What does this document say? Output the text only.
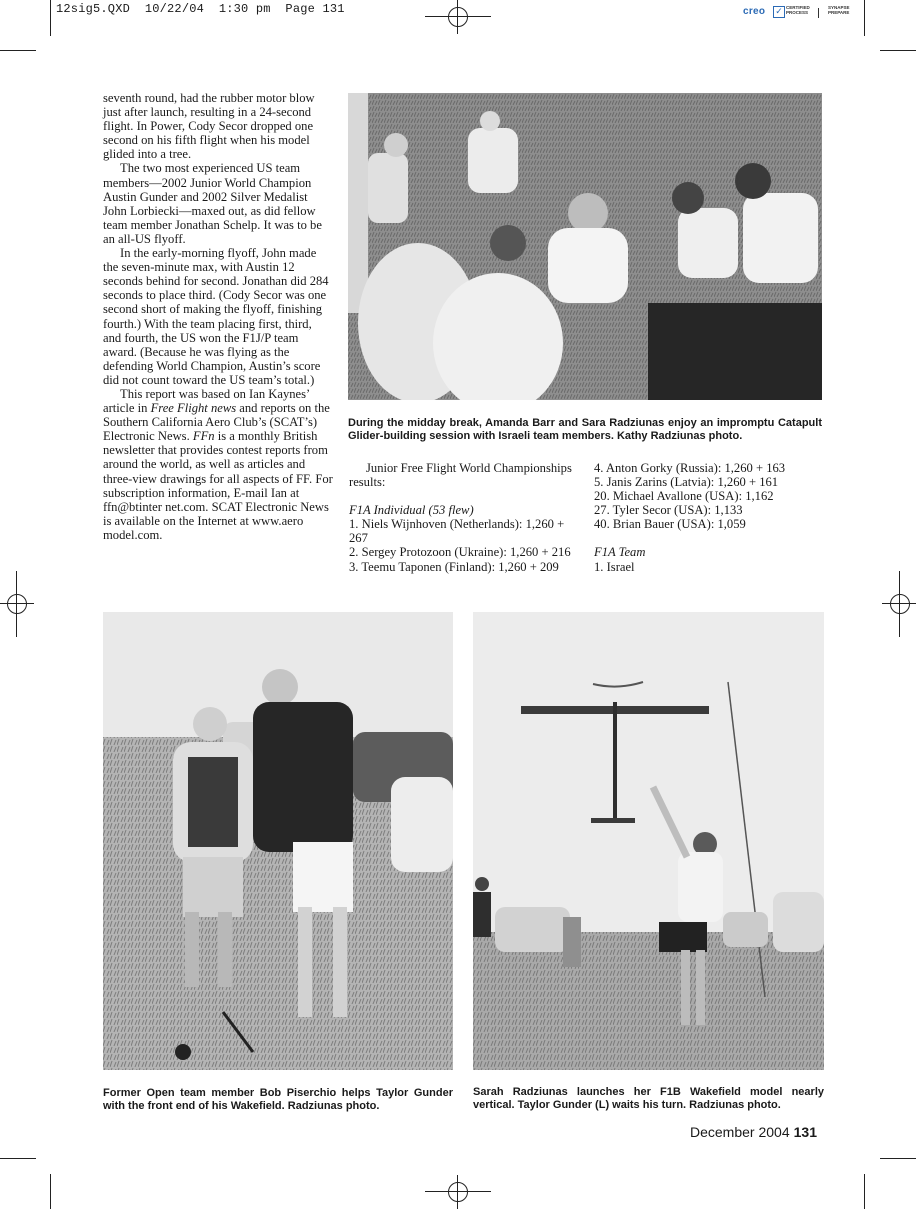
12sig5.QXD  10/22/04  1:30 pm  Page 131	creo ✓ CERTIFIED
PROCESS
SYNAPSE
PREPARE

seventh round, had the rubber motor blow just after launch, resulting in a 24-second flight. In Power, Cody Secor dropped one second on his fifth flight when his model glided into a tree.

The two most experienced US team members—2002 Junior World Champion Austin Gunder and 2002 Silver Medalist John Lorbiecki—maxed out, as did fellow team member Jonathan Schelp. It was to be an all-US flyoff.

In the early-morning flyoff, John made the seven-minute max, with Austin 12 seconds behind for second. Jonathan did 284 seconds to place third. (Cody Secor was one second short of making the flyoff, finishing fourth.) With the team placing first, third, and fourth, the US won the F1J/P team award. (Because he was flying as the defending World Champion, Austin’s score did not count toward the US team’s total.)

This report was based on Ian Kaynes’ article in Free Flight news and reports on the Southern California Aero Club’s (SCAT’s) Electronic News. FFn is a monthly British newsletter that provides contest reports from around the world, as well as articles and three-view drawings for all aspects of FF. For subscription information, E-mail Ian at ffn@btinter net.com. SCAT Electronic News is available on the Internet at www.aero model.com.

During the midday break, Amanda Barr and Sara Radziunas enjoy an impromptu Catapult Glider-building session with Israeli team members. Kathy Radziunas photo.
Junior Free Flight World Championships results:
F1A Individual (53 flew)
1. Niels Wijnhoven (Netherlands): 1,260 + 267
2. Sergey Protozoon (Ukraine): 1,260 + 216
3. Teemu Taponen (Finland): 1,260 + 209
4. Anton Gorky (Russia): 1,260 + 163
5. Janis Zarins (Latvia): 1,260 + 161
20. Michael Avallone (USA): 1,162
27. Tyler Secor (USA): 1,133
40. Brian Bauer (USA): 1,059
F1A Team
1. Israel
Former Open team member Bob Piserchio helps Taylor Gunder with the front end of his Wakefield. Radziunas photo.
Sarah Radziunas launches her F1B Wakefield model nearly vertical. Taylor Gunder (L) waits his turn. Radziunas photo.
December 2004 131
